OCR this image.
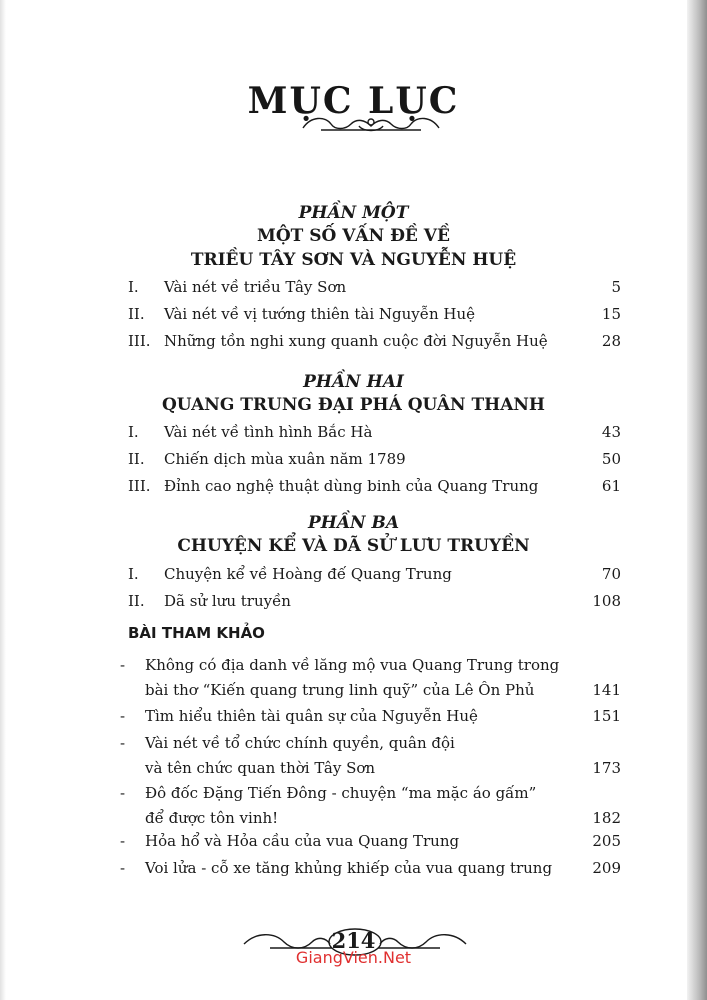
MỤC LỤC
PHẦN MỘT
MỘT SỐ VẤN ĐỀ VỀ
TRIỀU TÂY SƠN VÀ NGUYỄN HUỆ
I. Vài nét về triều Tây Sơn	5
II. Vài nét về vị tướng thiên tài Nguyễn Huệ	15
III. Những tồn nghi xung quanh cuộc đời Nguyễn Huệ	28
PHẦN HAI
QUANG TRUNG ĐẠI PHÁ QUÂN THANH
I. Vài nét về tình hình Bắc Hà	43
II. Chiến dịch mùa xuân năm 1789	50
III. Đỉnh cao nghệ thuật dùng binh của Quang Trung	61
PHẦN BA
CHUYỆN KỂ VÀ DÃ SỬ LƯU TRUYỀN
I. Chuyện kể về Hoàng đế Quang Trung	70
II. Dã sử lưu truyền	108
BÀI THAM KHẢO
- Không có địa danh về lăng mộ vua Quang Trung trong
bài thơ “Kiến quang trung linh quỹ” của Lê Ôn Phủ	141
- Tìm hiểu thiên tài quân sự của Nguyễn Huệ	151
- Vài nét về tổ chức chính quyền, quân đội
và tên chức quan thời Tây Sơn	173
- Đô đốc Đặng Tiến Đông - chuyện “ma mặc áo gấm”
để được tôn vinh!	182
- Hỏa hổ và Hỏa cầu của vua Quang Trung	205
- Voi lửa - cỗ xe tăng khủng khiếp của vua quang trung	209
214
GiangVien.Net
